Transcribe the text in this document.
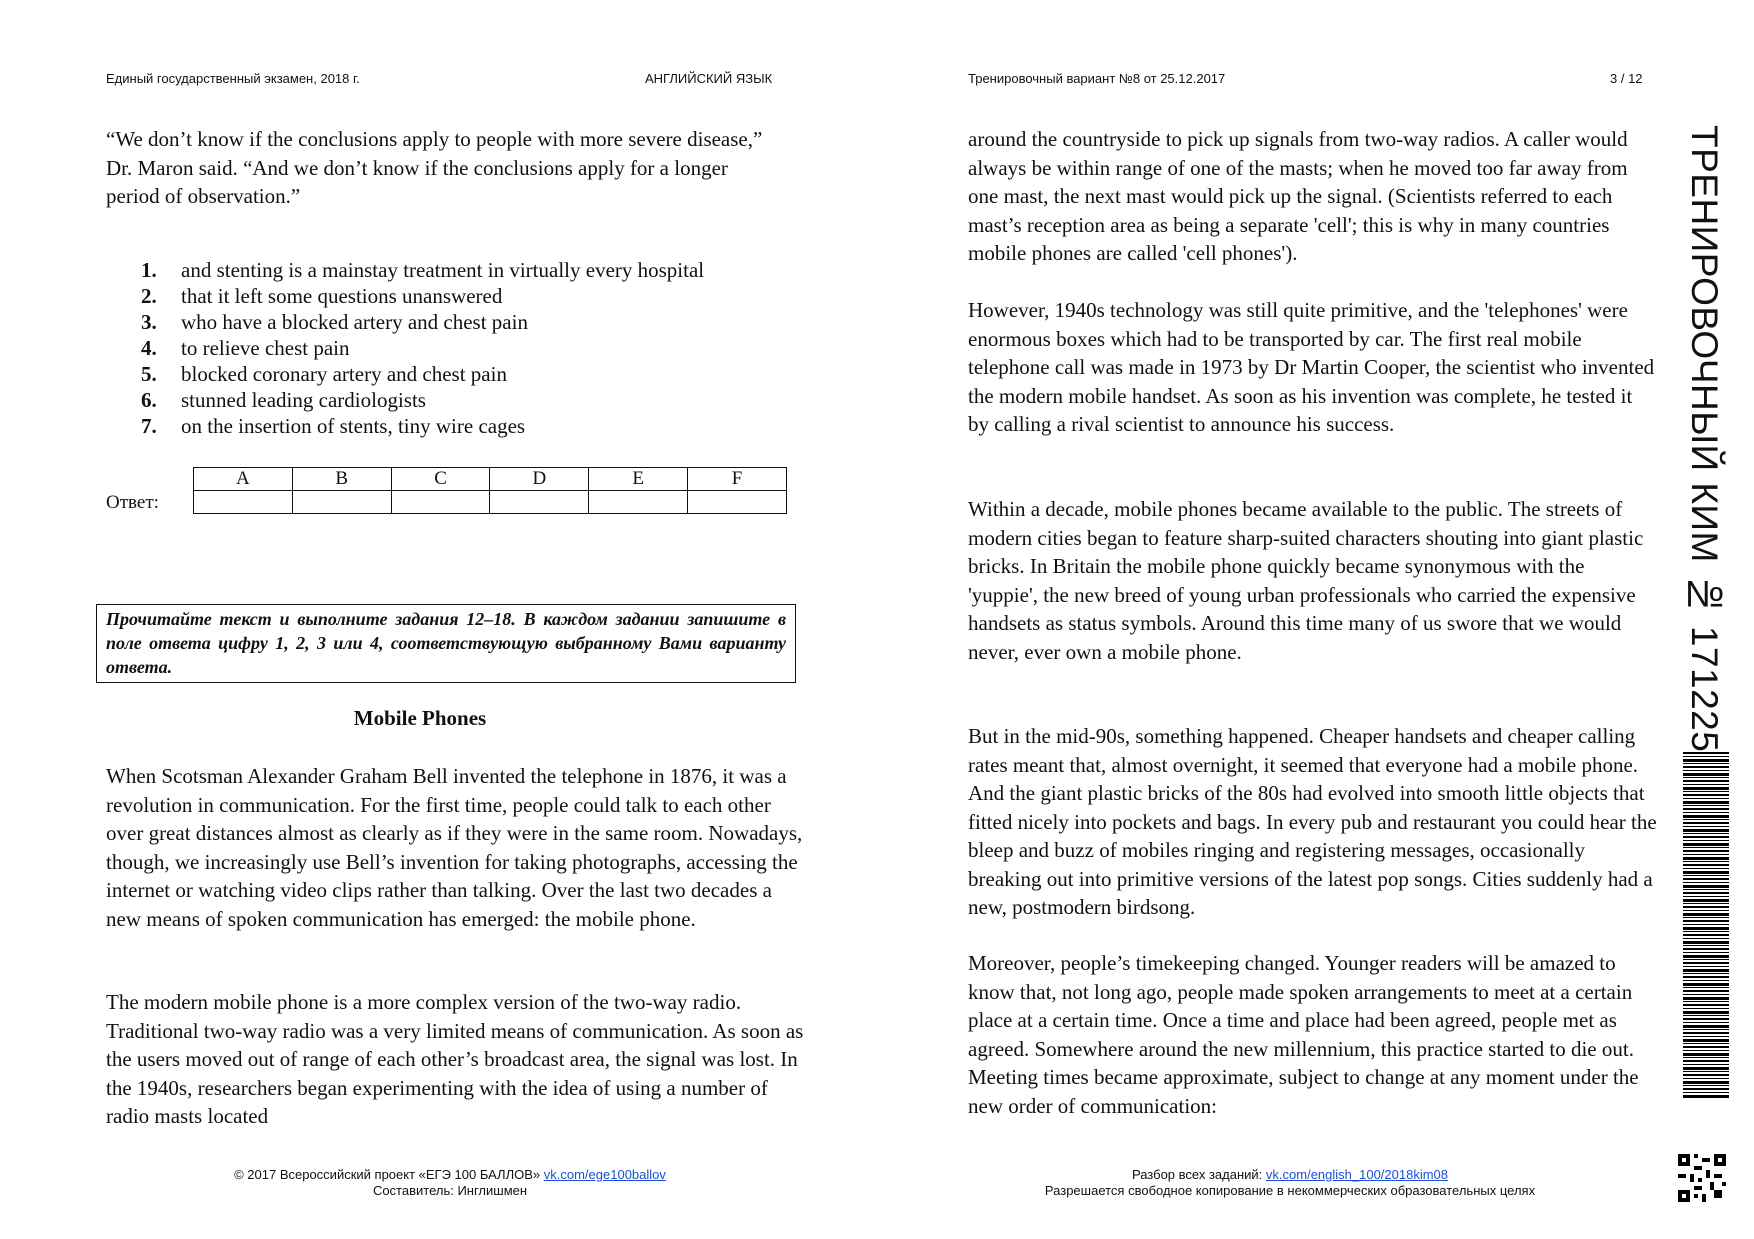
Единый государственный экзамен, 2018 г.	АНГЛИЙСКИЙ ЯЗЫК	Тренировочный вариант №8 от 25.12.2017	3 / 12

“We don’t know if the conclusions apply to people with more severe disease,” Dr. Maron said. “And we don’t know if the conclusions apply for a longer period of observation.”

1.	and stenting is a mainstay treatment in virtually every hospital
2.	that it left some questions unanswered
3.	who have a blocked artery and chest pain
4.	to relieve chest pain
5.	blocked coronary artery and chest pain
6.	stunned leading cardiologists
7.	on the insertion of stents, tiny wire cages
Ответ:
A	B	C	D	E	F

Прочитайте текст и выполните задания 12–18. В каждом задании запишите в поле ответа цифру 1, 2, 3 или 4, соответствующую выбранному Вами варианту ответа.
Mobile Phones

When Scotsman Alexander Graham Bell invented the telephone in 1876, it was a revolution in communication. For the first time, people could talk to each other over great distances almost as clearly as if they were in the same room. Nowadays, though, we increasingly use Bell’s invention for taking photographs, accessing the internet or watching video clips rather than talking. Over the last two decades a new means of spoken communication has emerged: the mobile phone.

The modern mobile phone is a more complex version of the two-way radio. Traditional two-way radio was a very limited means of communication. As soon as the users moved out of range of each other’s broadcast area, the signal was lost. In the 1940s, researchers began experimenting with the idea of using a number of radio masts located

around the countryside to pick up signals from two-way radios. A caller would always be within range of one of the masts; when he moved too far away from one mast, the next mast would pick up the signal. (Scientists referred to each mast’s reception area as being a separate 'cell'; this is why in many countries mobile phones are called 'cell phones').

However, 1940s technology was still quite primitive, and the 'telephones' were enormous boxes which had to be transported by car. The first real mobile telephone call was made in 1973 by Dr Martin Cooper, the scientist who invented the modern mobile handset. As soon as his invention was complete, he tested it by calling a rival scientist to announce his success.

Within a decade, mobile phones became available to the public. The streets of modern cities began to feature sharp-suited characters shouting into giant plastic bricks. In Britain the mobile phone quickly became synonymous with the 'yuppie', the new breed of young urban professionals who carried the expensive handsets as status symbols. Around this time many of us swore that we would never, ever own a mobile phone.

But in the mid-90s, something happened. Cheaper handsets and cheaper calling rates meant that, almost overnight, it seemed that everyone had a mobile phone. And the giant plastic bricks of the 80s had evolved into smooth little objects that fitted nicely into pockets and bags. In every pub and restaurant you could hear the bleep and buzz of mobiles ringing and registering messages, occasionally breaking out into primitive versions of the latest pop songs. Cities suddenly had a new, postmodern birdsong.

Moreover, people’s timekeeping changed. Younger readers will be amazed to know that, not long ago, people made spoken arrangements to meet at a certain place at a certain time. Once a time and place had been agreed, people met as agreed. Somewhere around the new millennium, this practice started to die out. Meeting times became approximate, subject to change at any moment under the new order of communication:

© 2017 Всероссийский проект «ЕГЭ 100 БАЛЛОВ» vk.com/ege100ballov
Составитель: Инглишмен
Разбор всех заданий: vk.com/english_100/2018kim08
Разрешается свободное копирование в некоммерческих образовательных целях
ТРЕНИРОВОЧНЫЙ КИМ № 171225
